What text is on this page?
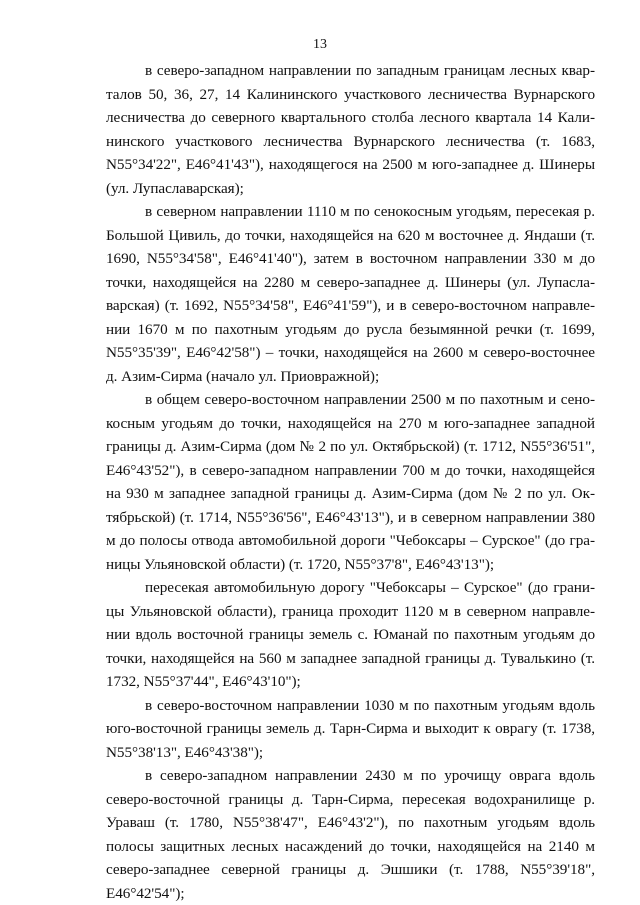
13

в северо-западном направлении по западным границам лесных кварталов 50, 36, 27, 14 Калининского участкового лесничества Вурнарского лесничества до северного квартального столба лесного квартала 14 Калининского участкового лесничества Вурнарского лесничества (т. 1683, N55°34'22", E46°41'43"), находящегося на 2500 м юго-западнее д. Шинеры (ул. Лупаславарская);

в северном направлении 1110 м по сенокосным угодьям, пересекая р. Большой Цивиль, до точки, находящейся на 620 м восточнее д. Яндаши (т. 1690, N55°34'58", E46°41'40"), затем в восточном направлении 330 м до точки, находящейся на 2280 м северо-западнее д. Шинеры (ул. Лупаславарская) (т. 1692, N55°34'58", E46°41'59"), и в северо-восточном направлении 1670 м по пахотным угодьям до русла безымянной речки (т. 1699, N55°35'39", E46°42'58") – точки, находящейся на 2600 м северо-восточнее д. Азим-Сирма (начало ул. Приовражной);

в общем северо-восточном направлении 2500 м по пахотным и сенокосным угодьям до точки, находящейся на 270 м юго-западнее западной границы д. Азим-Сирма (дом № 2 по ул. Октябрьской) (т. 1712, N55°36'51", E46°43'52"), в северо-западном направлении 700 м до точки, находящейся на 930 м западнее западной границы д. Азим-Сирма (дом № 2 по ул. Октябрьской) (т. 1714, N55°36'56", E46°43'13"), и в северном направлении 380 м до полосы отвода автомобильной дороги "Чебоксары – Сурское" (до границы Ульяновской области) (т. 1720, N55°37'8", E46°43'13");

пересекая автомобильную дорогу "Чебоксары – Сурское" (до границы Ульяновской области), граница проходит 1120 м в северном направлении вдоль восточной границы земель с. Юманай по пахотным угодьям до точки, находящейся на 560 м западнее западной границы д. Тувалькино (т. 1732, N55°37'44", E46°43'10");

в северо-восточном направлении 1030 м по пахотным угодьям вдоль юго-восточной границы земель д. Тарн-Сирма и выходит к оврагу (т. 1738, N55°38'13", E46°43'38");

в северо-западном направлении 2430 м по урочищу оврага вдоль северо-восточной границы д. Тарн-Сирма, пересекая водохранилище р. Ураваш (т. 1780, N55°38'47", E46°43'2"), по пахотным угодьям вдоль полосы защитных лесных насаждений до точки, находящейся на 2140 м северо-западнее северной границы д. Эшшики (т. 1788, N55°39'18", E46°42'54");
